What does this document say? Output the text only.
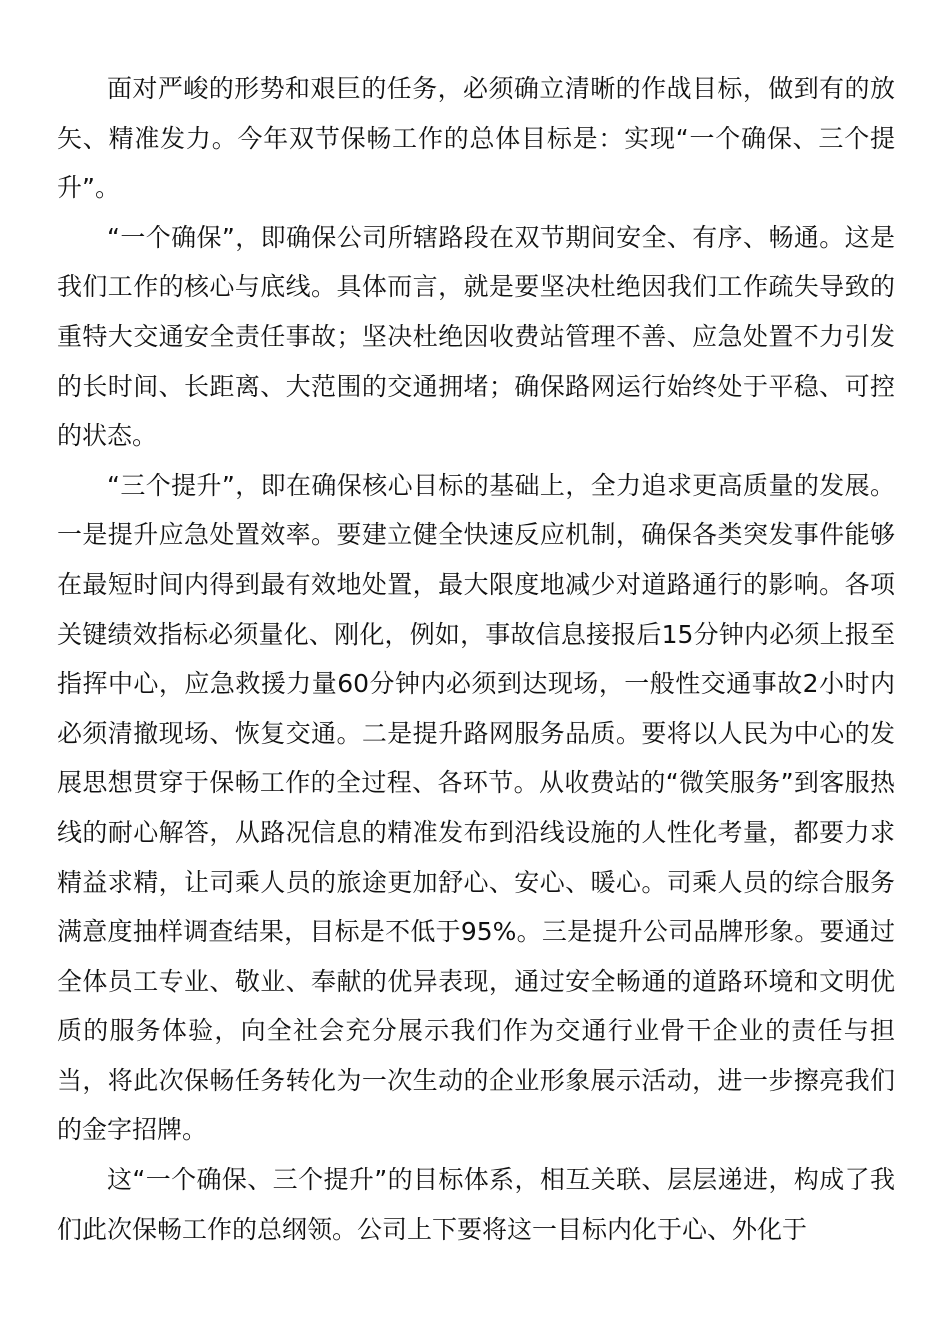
面对严峻的形势和艰巨的任务，必须确立清晰的作战目标，做到有的放矢、精准发力。今年双节保畅工作的总体目标是：实现“一个确保、三个提升”。

“一个确保”，即确保公司所辖路段在双节期间安全、有序、畅通。这是我们工作的核心与底线。具体而言，就是要坚决杜绝因我们工作疏失导致的重特大交通安全责任事故；坚决杜绝因收费站管理不善、应急处置不力引发的长时间、长距离、大范围的交通拥堵；确保路网运行始终处于平稳、可控的状态。

“三个提升”，即在确保核心目标的基础上，全力追求更高质量的发展。一是提升应急处置效率。要建立健全快速反应机制，确保各类突发事件能够在最短时间内得到最有效地处置，最大限度地减少对道路通行的影响。各项关键绩效指标必须量化、刚化，例如，事故信息接报后15分钟内必须上报至指挥中心，应急救援力量60分钟内必须到达现场，一般性交通事故2小时内必须清撤现场、恢复交通。二是提升路网服务品质。要将以人民为中心的发展思想贯穿于保畅工作的全过程、各环节。从收费站的“微笑服务”到客服热线的耐心解答，从路况信息的精准发布到沿线设施的人性化考量，都要力求精益求精，让司乘人员的旅途更加舒心、安心、暖心。司乘人员的综合服务满意度抽样调查结果，目标是不低于95%。三是提升公司品牌形象。要通过全体员工专业、敬业、奉献的优异表现，通过安全畅通的道路环境和文明优质的服务体验，向全社会充分展示我们作为交通行业骨干企业的责任与担当，将此次保畅任务转化为一次生动的企业形象展示活动，进一步擦亮我们的金字招牌。

这“一个确保、三个提升”的目标体系，相互关联、层层递进，构成了我们此次保畅工作的总纲领。公司上下要将这一目标内化于心、外化于
